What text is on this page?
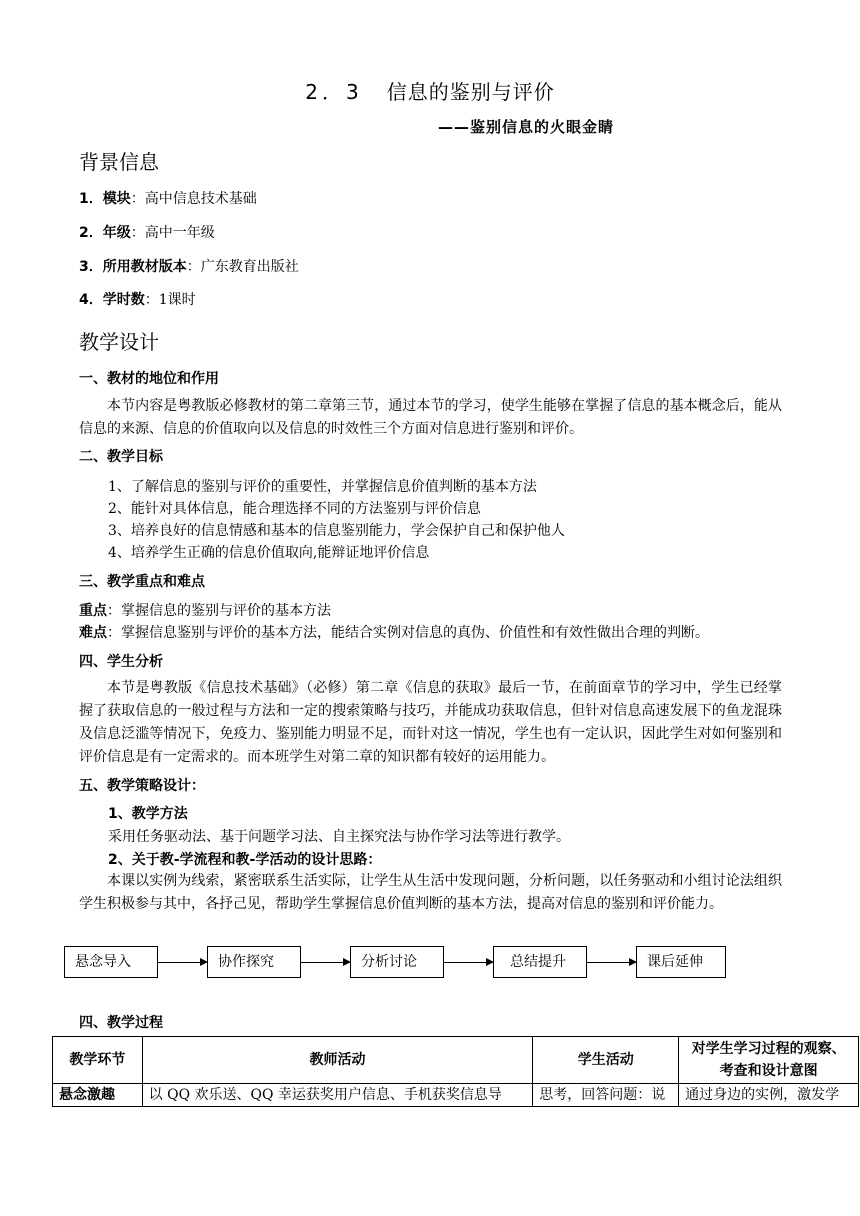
2．3 信息的鉴别与评价
——鉴别信息的火眼金睛
背景信息
1．模块：高中信息技术基础
2．年级：高中一年级
3．所用教材版本：广东教育出版社
4．学时数：1课时
教学设计
一、教材的地位和作用
本节内容是粤教版必修教材的第二章第三节，通过本节的学习，使学生能够在掌握了信息的基本概念后，能从信息的来源、信息的价值取向以及信息的时效性三个方面对信息进行鉴别和评价。
二、教学目标
1、了解信息的鉴别与评价的重要性，并掌握信息价值判断的基本方法
2、能针对具体信息，能合理选择不同的方法鉴别与评价信息
3、培养良好的信息情感和基本的信息鉴别能力，学会保护自己和保护他人
4、培养学生正确的信息价值取向,能辩证地评价信息
三、教学重点和难点
重点：掌握信息的鉴别与评价的基本方法
难点：掌握信息鉴别与评价的基本方法，能结合实例对信息的真伪、价值性和有效性做出合理的判断。
四、学生分析
本节是粤教版《信息技术基础》（必修）第二章《信息的获取》最后一节，在前面章节的学习中，学生已经掌握了获取信息的一般过程与方法和一定的搜索策略与技巧，并能成功获取信息，但针对信息高速发展下的鱼龙混珠及信息泛滥等情况下，免疫力、鉴别能力明显不足，而针对这一情况，学生也有一定认识，因此学生对如何鉴别和评价信息是有一定需求的。而本班学生对第二章的知识都有较好的运用能力。
五、教学策略设计：
1、教学方法
采用任务驱动法、基于问题学习法、自主探究法与协作学习法等进行教学。
2、关于教-学流程和教-学活动的设计思路：
本课以实例为线索，紧密联系生活实际，让学生从生活中发现问题，分析问题，以任务驱动和小组讨论法组织学生积极参与其中，各抒己见，帮助学生掌握信息价值判断的基本方法，提高对信息的鉴别和评价能力。
悬念导入	协作探究	分析讨论	总结提升	课后延伸
四、教学过程
教学环节	教师活动	学生活动	对学生学习过程的观察、考查和设计意图
悬念激趣	以 QQ 欢乐送、QQ 幸运获奖用户信息、手机获奖信息导	思考，回答问题：说	通过身边的实例，激发学
